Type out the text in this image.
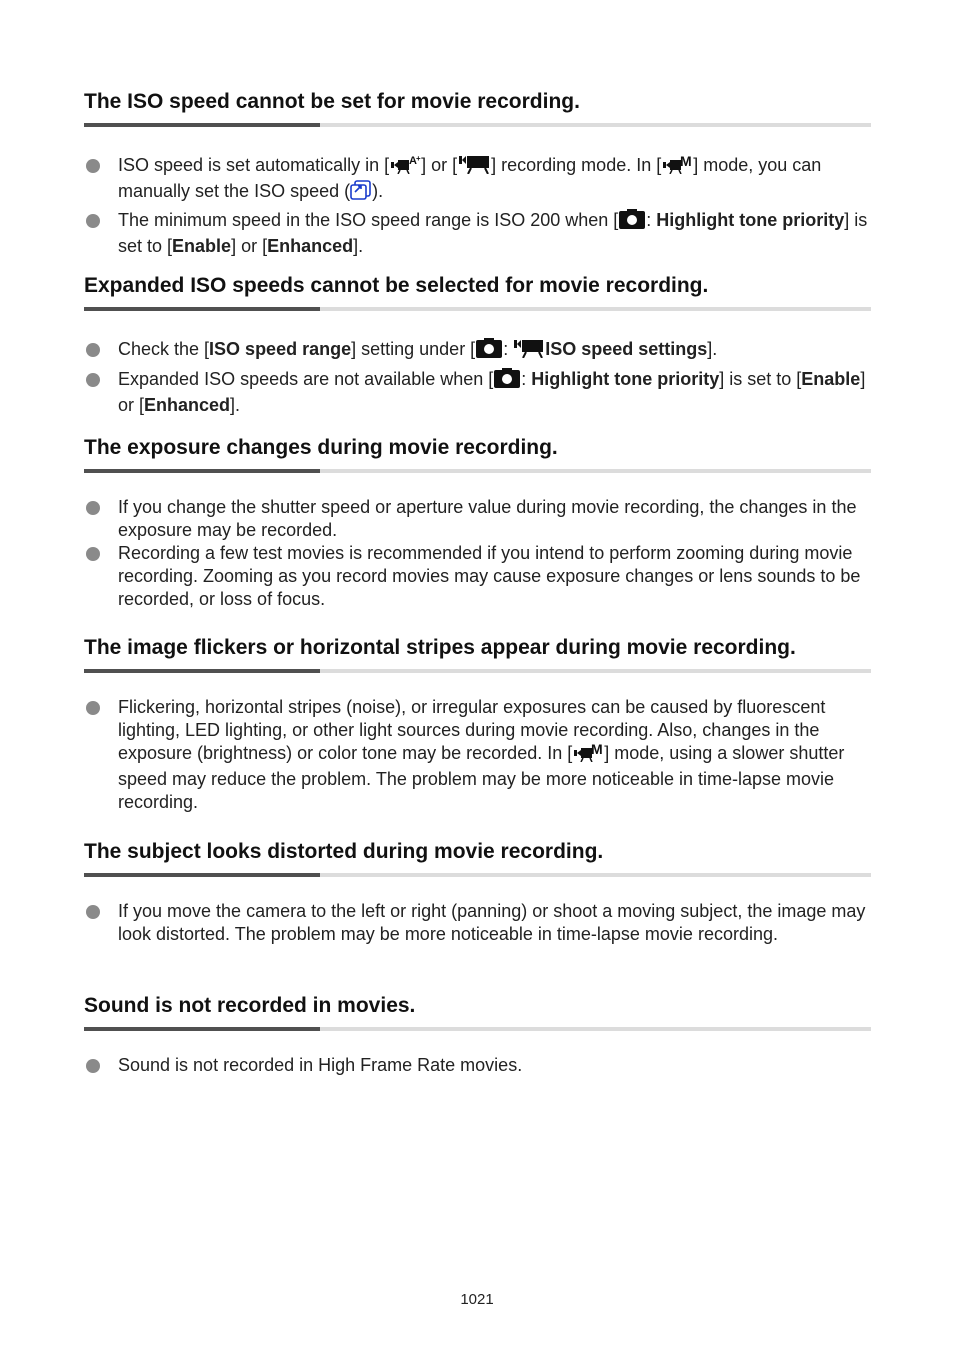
The ISO speed cannot be set for movie recording.
ISO speed is set automatically in [ A + ] or [ ] recording mode. In [ M ] mode, you can manually set the ISO speed ( ).
The minimum speed in the ISO speed range is ISO 200 when [ : Highlight tone priority] is set to [Enable] or [Enhanced].
Expanded ISO speeds cannot be selected for movie recording.
Check the [ISO speed range] setting under [ : ISO speed settings].
Expanded ISO speeds are not available when [ : Highlight tone priority] is set to [Enable] or [Enhanced].
The exposure changes during movie recording.
If you change the shutter speed or aperture value during movie recording, the changes in the exposure may be recorded.
Recording a few test movies is recommended if you intend to perform zooming during movie recording. Zooming as you record movies may cause exposure changes or lens sounds to be recorded, or loss of focus.
The image flickers or horizontal stripes appear during movie recording.
Flickering, horizontal stripes (noise), or irregular exposures can be caused by fluorescent lighting, LED lighting, or other light sources during movie recording. Also, changes in the exposure (brightness) or color tone may be recorded. In [ M ] mode, using a slower shutter speed may reduce the problem. The problem may be more noticeable in time-lapse movie recording.
The subject looks distorted during movie recording.
If you move the camera to the left or right (panning) or shoot a moving subject, the image may look distorted. The problem may be more noticeable in time-lapse movie recording.
Sound is not recorded in movies.
Sound is not recorded in High Frame Rate movies.
1021
